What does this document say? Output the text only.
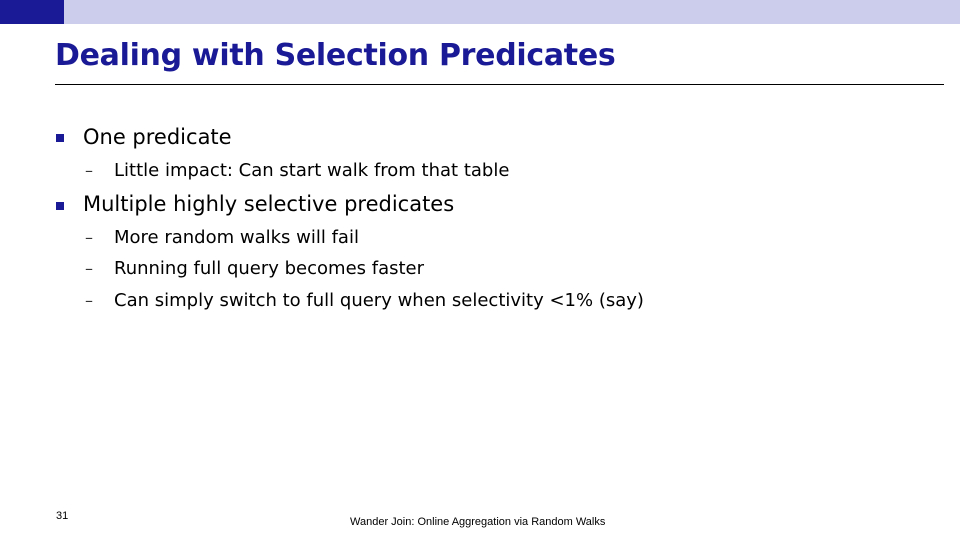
Dealing with Selection Predicates
One predicate
– Little impact: Can start walk from that table
Multiple highly selective predicates
– More random walks will fail
– Running full query becomes faster
– Can simply switch to full query when selectivity <1% (say)
31	Wander Join: Online Aggregation via Random Walks
